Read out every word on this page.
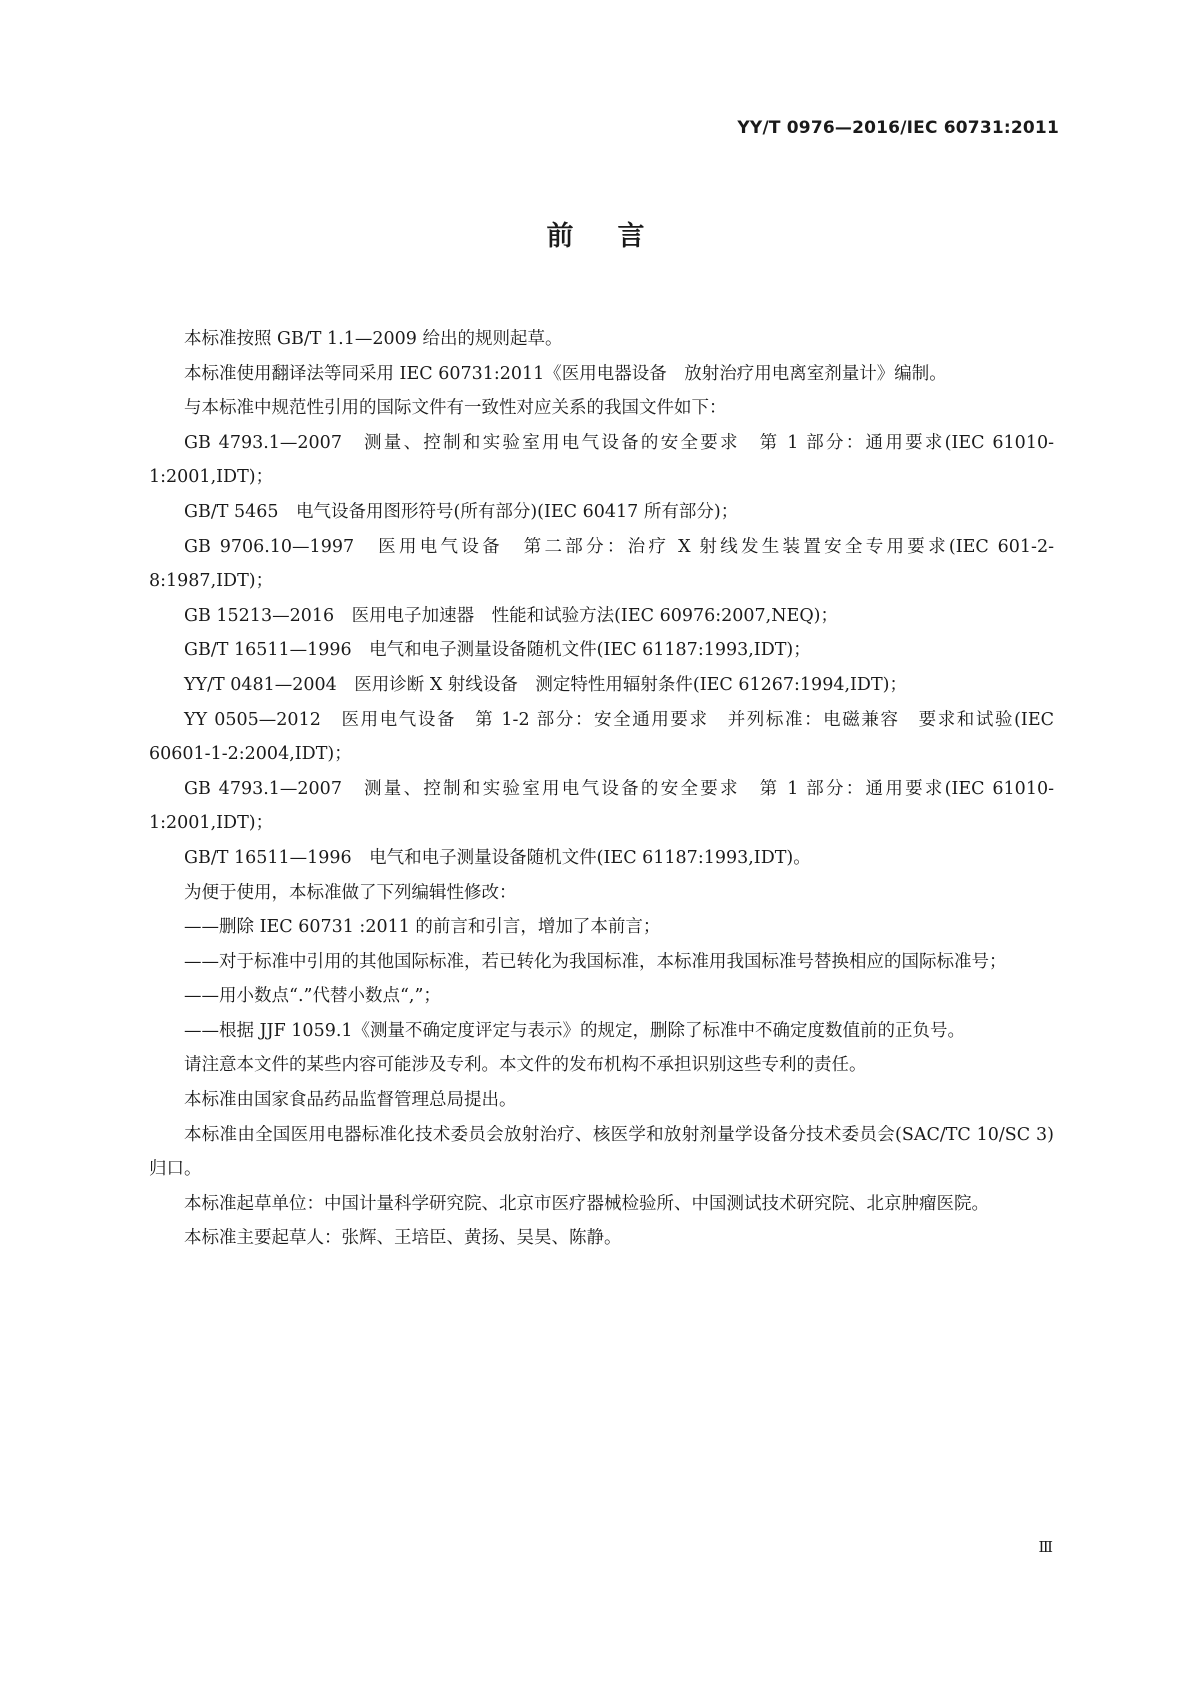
YY/T 0976—2016/IEC 60731:2011
前言

本标准按照 GB/T 1.1—2009 给出的规则起草。

本标准使用翻译法等同采用 IEC 60731:2011《医用电器设备　放射治疗用电离室剂量计》编制。

与本标准中规范性引用的国际文件有一致性对应关系的我国文件如下：

GB 4793.1—2007　测量、控制和实验室用电气设备的安全要求　第 1 部分：通用要求(IEC 61010-1:2001,IDT)；

GB/T 5465　电气设备用图形符号(所有部分)(IEC 60417 所有部分)；

GB 9706.10—1997　医用电气设备　第二部分：治疗 X 射线发生装置安全专用要求(IEC 601-2-8:1987,IDT)；

GB 15213—2016　医用电子加速器　性能和试验方法(IEC 60976:2007,NEQ)；

GB/T 16511—1996　电气和电子测量设备随机文件(IEC 61187:1993,IDT)；

YY/T 0481—2004　医用诊断 X 射线设备　测定特性用辐射条件(IEC 61267:1994,IDT)；

YY 0505—2012　医用电气设备　第 1-2 部分：安全通用要求　并列标准：电磁兼容　要求和试验(IEC 60601-1-2:2004,IDT)；

GB 4793.1—2007　测量、控制和实验室用电气设备的安全要求　第 1 部分：通用要求(IEC 61010-1:2001,IDT)；

GB/T 16511—1996　电气和电子测量设备随机文件(IEC 61187:1993,IDT)。

为便于使用，本标准做了下列编辑性修改：

——删除 IEC 60731 :2011 的前言和引言，增加了本前言；

——对于标准中引用的其他国际标准，若已转化为我国标准，本标准用我国标准号替换相应的国际标准号；

——用小数点“.”代替小数点“,”；

——根据 JJF 1059.1《测量不确定度评定与表示》的规定，删除了标准中不确定度数值前的正负号。

请注意本文件的某些内容可能涉及专利。本文件的发布机构不承担识别这些专利的责任。

本标准由国家食品药品监督管理总局提出。

本标准由全国医用电器标准化技术委员会放射治疗、核医学和放射剂量学设备分技术委员会(SAC/TC 10/SC 3)归口。

本标准起草单位：中国计量科学研究院、北京市医疗器械检验所、中国测试技术研究院、北京肿瘤医院。

本标准主要起草人：张辉、王培臣、黄扬、吴昊、陈静。

Ⅲ
